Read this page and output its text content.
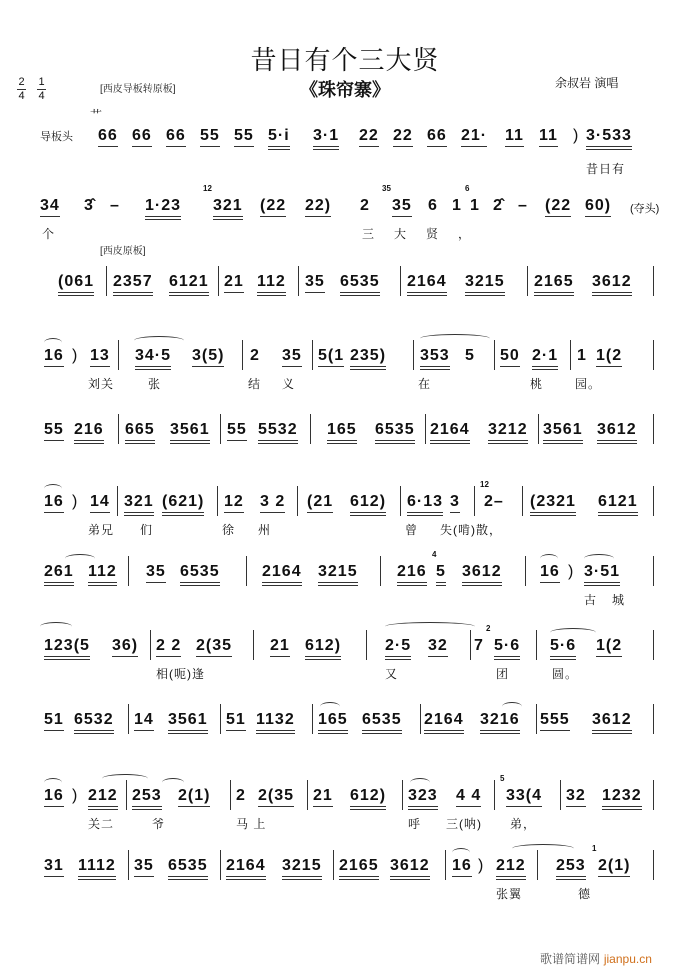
昔日有个三大贤
《珠帘寨》	余叔岩 演唱
2
4
1
4
[西皮导板转原板]
艹
导板头 66 66 66 55 55 5·i 3·1 22 22 66 21· 11 11 ) 3·533
昔日有
34 3̂ – 1·23
12
321 (22 22) 2
35
35 6 1
6
1 2̂ – (22 60) (夺头)
个	三大贤，
[西皮原板]
(061 2357 6121 21 112 35 6535 2164 3215 2165 3612
16 ) 13 34·5 3(5) 2 35 5(1 235) 353 5 50 2·1 1 1(2
刘关	张	结 义	在	桃	园。
55 216 665 3561 55 5532 165 6535 2164 3212 3561 3612
16 ) 14 321 (621) 12 3 2 (21 612) 6·13 3
12
2– (2321 6121
弟兄 们	徐 州	曾 失(啃)散，
261 112 35 6535	2164 3215 216
4
5 3612 16 ) 3·51
古城
123(5 36) 2 2 2(35 21 612)	2·5 32 7
2
5·6 5·6 1(2
相(呃)逢	又	团	圆。
51 6532 14 3561 51 1132 165 6535 2164 3216 555 3612
16 ) 212 253 2(1) 2 2(35 21 612) 323 4 4
5
33(4 32 1232
关二	爷	马 上	呼 三(呐) 弟，
31 1112 35 6535 2164 3215 2165 3612 16 ) 212 253
1
2(1)
张翼	德
歌谱简谱网 jianpu.cn
